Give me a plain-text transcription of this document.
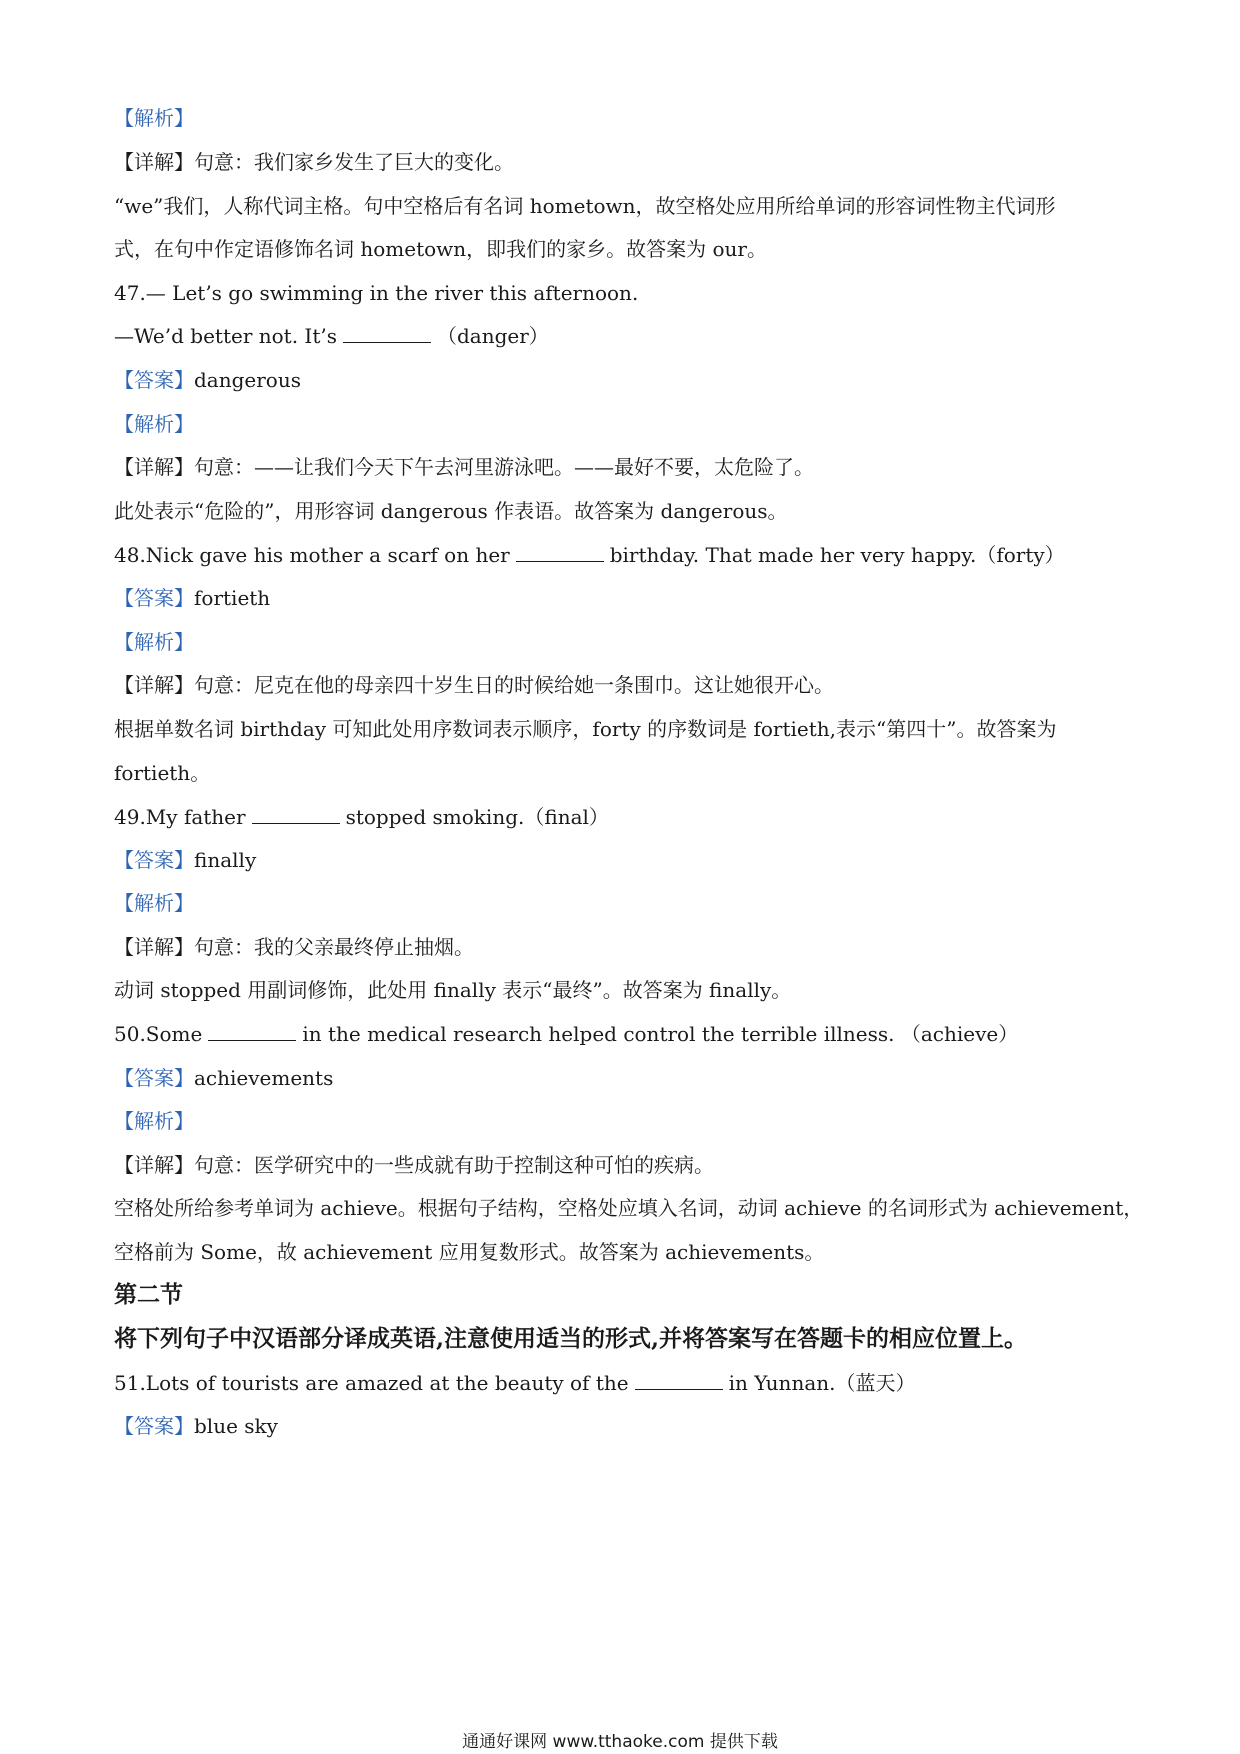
【解析】
【详解】句意：我们家乡发生了巨大的变化。
“we”我们，人称代词主格。句中空格后有名词 hometown，故空格处应用所给单词的形容词性物主代词形
式，在句中作定语修饰名词 hometown，即我们的家乡。故答案为 our。
47.— Let’s go swimming in the river this afternoon.
—We’d better not. It’s	（danger）
【答案】dangerous
【解析】
【详解】句意：——让我们今天下午去河里游泳吧。——最好不要，太危险了。
此处表示“危险的”，用形容词 dangerous 作表语。故答案为 dangerous。
48.Nick gave his mother a scarf on her	birthday. That made her very happy.（forty）
【答案】fortieth
【解析】
【详解】句意：尼克在他的母亲四十岁生日的时候给她一条围巾。这让她很开心。
根据单数名词 birthday 可知此处用序数词表示顺序，forty 的序数词是 fortieth,表示“第四十”。故答案为
fortieth。
49.My father	stopped smoking.（final）
【答案】finally
【解析】
【详解】句意：我的父亲最终停止抽烟。
动词 stopped 用副词修饰，此处用 finally 表示“最终”。故答案为 finally。
50.Some	in the medical research helped control the terrible illness. （achieve）
【答案】achievements
【解析】
【详解】句意：医学研究中的一些成就有助于控制这种可怕的疾病。
空格处所给参考单词为 achieve。根据句子结构，空格处应填入名词，动词 achieve 的名词形式为 achievement，
空格前为 Some，故 achievement 应用复数形式。故答案为 achievements。
第二节
将下列句子中汉语部分译成英语,注意使用适当的形式,并将答案写在答题卡的相应位置上。
51.Lots of tourists are amazed at the beauty of the	in Yunnan.（蓝天）
【答案】blue sky
通通好课网 www.tthaoke.com 提供下载
